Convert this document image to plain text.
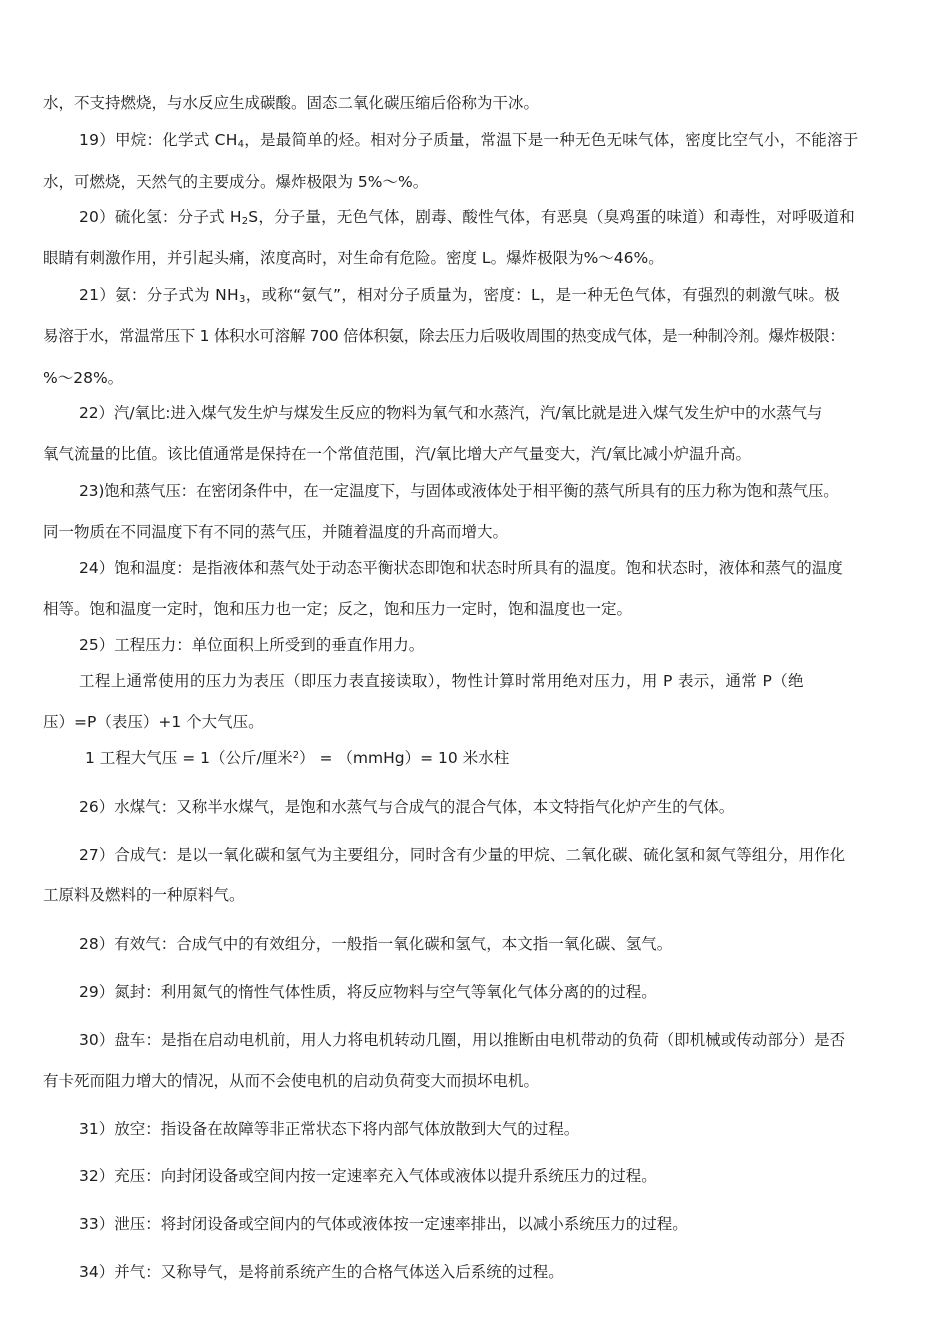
水，不支持燃烧，与水反应生成碳酸。固态二氧化碳压缩后俗称为干冰。
19）甲烷：化学式 $CH_4$，是最简单的烃。相对分子质量，常温下是一种无色无味气体，密度比空气小，不能溶于
水，可燃烧，天然气的主要成分。爆炸极限为 5%～%。
20）硫化氢：分子式 $H_2S$，分子量，无色气体，剧毒、酸性气体，有恶臭（臭鸡蛋的味道）和毒性，对呼吸道和
眼睛有刺激作用，并引起头痛，浓度高时，对生命有危险。密度 L。爆炸极限为%～46%。
21）氨：分子式为 $NH_3$，或称“氨气”，相对分子质量为，密度：L，是一种无色气体，有强烈的刺激气味。极
易溶于水，常温常压下 1 体积水可溶解 700 倍体积氨，除去压力后吸收周围的热变成气体，是一种制冷剂。爆炸极限：
%～28%。
22）汽/氧比:进入煤气发生炉与煤发生反应的物料为氧气和水蒸汽，汽/氧比就是进入煤气发生炉中的水蒸气与
氧气流量的比值。该比值通常是保持在一个常值范围，汽/氧比增大产气量变大，汽/氧比减小炉温升高。
23)饱和蒸气压：在密闭条件中，在一定温度下，与固体或液体处于相平衡的蒸气所具有的压力称为饱和蒸气压。
同一物质在不同温度下有不同的蒸气压，并随着温度的升高而增大。
24）饱和温度：是指液体和蒸气处于动态平衡状态即饱和状态时所具有的温度。饱和状态时，液体和蒸气的温度
相等。饱和温度一定时，饱和压力也一定；反之，饱和压力一定时，饱和温度也一定。
25）工程压力：单位面积上所受到的垂直作用力。
工程上通常使用的压力为表压（即压力表直接读取），物性计算时常用绝对压力，用 P 表示，通常 P（绝
压）=P（表压）+1 个大气压。
1 工程大气压 = 1（公斤/厘米$^2$） = （mmHg）= 10 米水柱
26）水煤气：又称半水煤气，是饱和水蒸气与合成气的混合气体，本文特指气化炉产生的气体。
27）合成气：是以一氧化碳和氢气为主要组分，同时含有少量的甲烷、二氧化碳、硫化氢和氮气等组分，用作化
工原料及燃料的一种原料气。
28）有效气：合成气中的有效组分，一般指一氧化碳和氢气，本文指一氧化碳、氢气。
29）氮封：利用氮气的惰性气体性质，将反应物料与空气等氧化气体分离的的过程。
30）盘车：是指在启动电机前，用人力将电机转动几圈，用以推断由电机带动的负荷（即机械或传动部分）是否
有卡死而阻力增大的情况，从而不会使电机的启动负荷变大而损坏电机。
31）放空：指设备在故障等非正常状态下将内部气体放散到大气的过程。
32）充压：向封闭设备或空间内按一定速率充入气体或液体以提升系统压力的过程。
33）泄压：将封闭设备或空间内的气体或液体按一定速率排出，以减小系统压力的过程。
34）并气：又称导气，是将前系统产生的合格气体送入后系统的过程。
